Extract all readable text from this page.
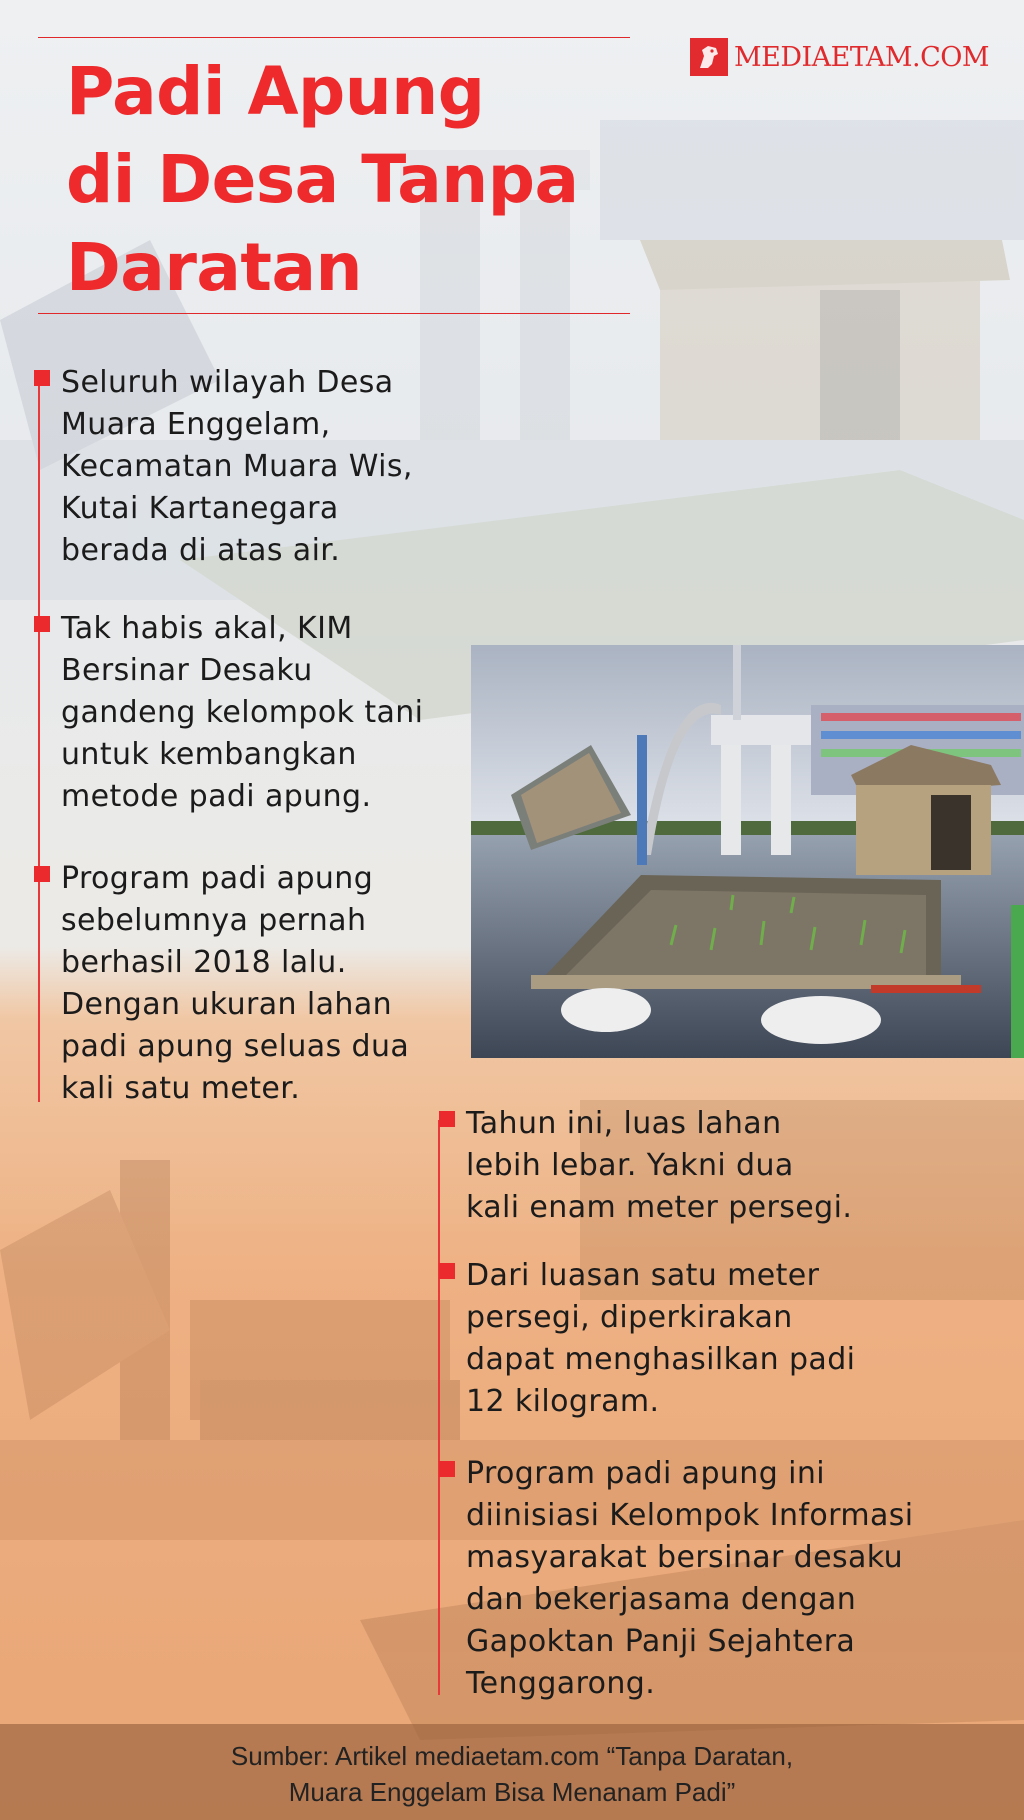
Padi Apung
di Desa Tanpa
Daratan
MEDIAETAM.COM

Seluruh wilayah Desa
Muara Enggelam,
Kecamatan Muara Wis,
Kutai Kartanegara
berada di atas air.

Tak habis akal, KIM
Bersinar Desaku
gandeng kelompok tani
untuk kembangkan
metode padi apung.

Program padi apung
sebelumnya pernah
berhasil 2018 lalu.
Dengan ukuran lahan
padi apung seluas dua
kali satu meter.

Tahun ini, luas lahan
lebih lebar. Yakni dua
kali enam meter persegi.

Dari luasan satu meter
persegi, diperkirakan
dapat menghasilkan padi
12 kilogram.

Program padi apung ini
diinisiasi Kelompok Informasi
masyarakat bersinar desaku
dan bekerjasama dengan
Gapoktan Panji Sejahtera
Tenggarong.

Sumber: Artikel mediaetam.com “Tanpa Daratan,
Muara Enggelam Bisa Menanam Padi”
